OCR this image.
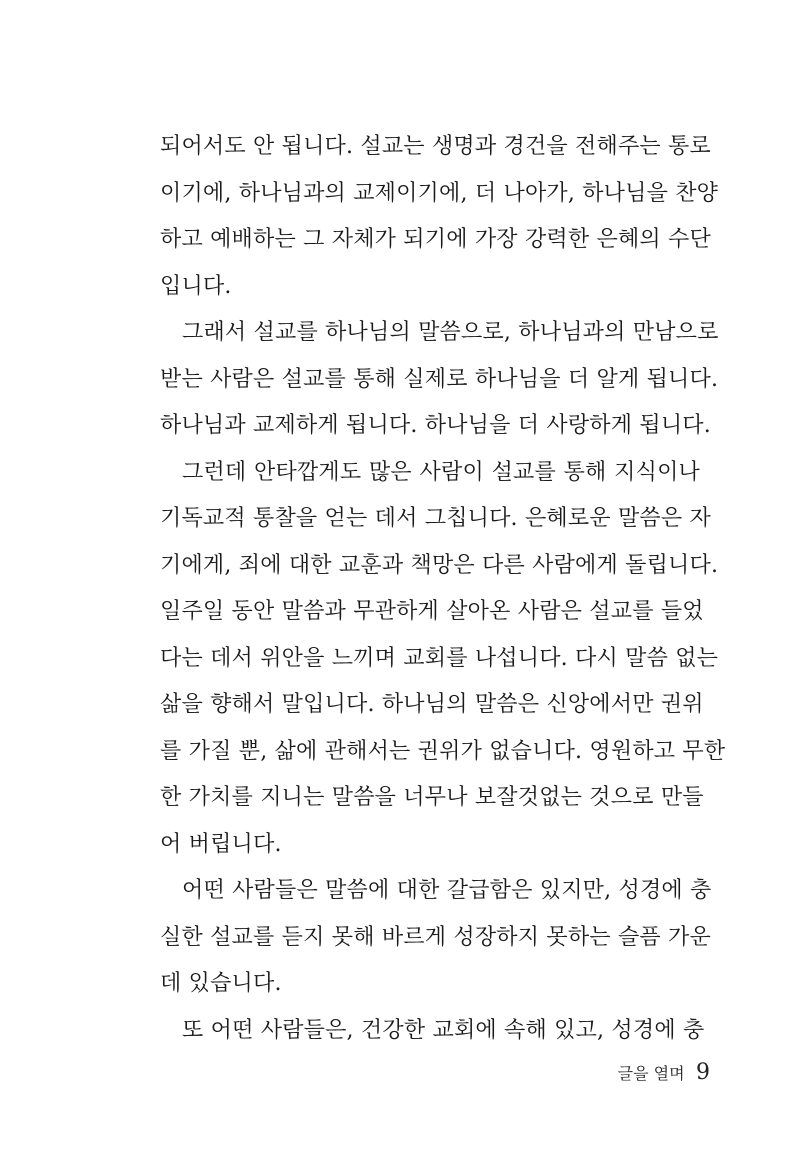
되어서도 안 됩니다. 설교는 생명과 경건을 전해주는 통로
이기에, 하나님과의 교제이기에, 더 나아가, 하나님을 찬양
하고 예배하는 그 자체가 되기에 가장 강력한 은혜의 수단
입니다.
그래서 설교를 하나님의 말씀으로, 하나님과의 만남으로
받는 사람은 설교를 통해 실제로 하나님을 더 알게 됩니다.
하나님과 교제하게 됩니다. 하나님을 더 사랑하게 됩니다.
그런데 안타깝게도 많은 사람이 설교를 통해 지식이나
기독교적 통찰을 얻는 데서 그칩니다. 은혜로운 말씀은 자
기에게, 죄에 대한 교훈과 책망은 다른 사람에게 돌립니다.
일주일 동안 말씀과 무관하게 살아온 사람은 설교를 들었
다는 데서 위안을 느끼며 교회를 나섭니다. 다시 말씀 없는
삶을 향해서 말입니다. 하나님의 말씀은 신앙에서만 권위
를 가질 뿐, 삶에 관해서는 권위가 없습니다. 영원하고 무한
한 가치를 지니는 말씀을 너무나 보잘것없는 것으로 만들
어 버립니다.
어떤 사람들은 말씀에 대한 갈급함은 있지만, 성경에 충
실한 설교를 듣지 못해 바르게 성장하지 못하는 슬픔 가운
데 있습니다.
또 어떤 사람들은, 건강한 교회에 속해 있고, 성경에 충
글을 열며 9
